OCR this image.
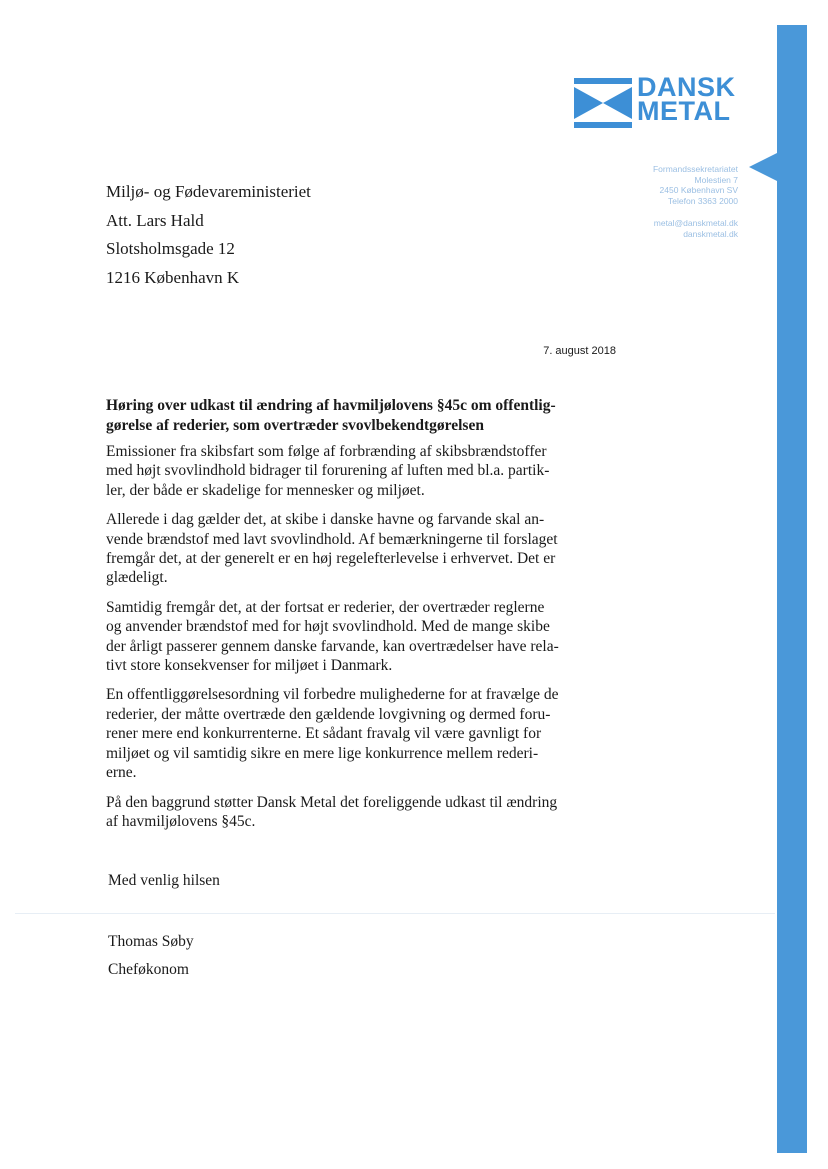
DANSK
METAL
Formandssekretariatet
Molestien 7
2450 København SV
Telefon 3363 2000
metal@danskmetal.dk
danskmetal.dk
Miljø- og Fødevareministeriet
Att. Lars Hald
Slotsholmsgade 12
1216 København K
7. august 2018
Høring over udkast til ændring af havmiljølovens §45c om offentlig-
gørelse af rederier, som overtræder svovlbekendtgørelsen

Emissioner fra skibsfart som følge af forbrænding af skibsbrændstoffer
med højt svovlindhold bidrager til forurening af luften med bl.a. partik-
ler, der både er skadelige for mennesker og miljøet.

Allerede i dag gælder det, at skibe i danske havne og farvande skal an-
vende brændstof med lavt svovlindhold. Af bemærkningerne til forslaget
fremgår det, at der generelt er en høj regelefterlevelse i erhvervet. Det er
glædeligt.

Samtidig fremgår det, at der fortsat er rederier, der overtræder reglerne
og anvender brændstof med for højt svovlindhold. Med de mange skibe
der årligt passerer gennem danske farvande, kan overtrædelser have rela-
tivt store konsekvenser for miljøet i Danmark.

En offentliggørelsesordning vil forbedre mulighederne for at fravælge de
rederier, der måtte overtræde den gældende lovgivning og dermed foru-
rener mere end konkurrenterne. Et sådant fravalg vil være gavnligt for
miljøet og vil samtidig sikre en mere lige konkurrence mellem rederi-
erne.

På den baggrund støtter Dansk Metal det foreliggende udkast til ændring
af havmiljølovens §45c.

Med venlig hilsen
Thomas Søby
Cheføkonom
